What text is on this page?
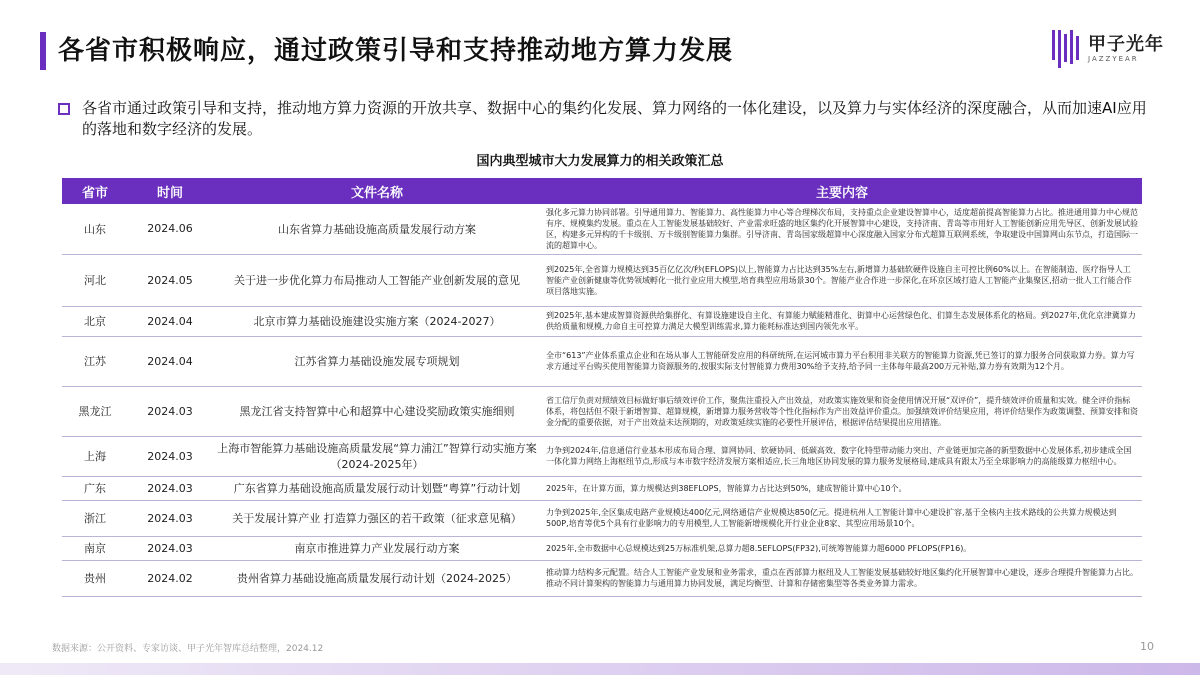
各省市积极响应，通过政策引导和支持推动地方算力发展	甲子光年
JAZZYEAR
各省市通过政策引导和支持，推动地方算力资源的开放共享、数据中心的集约化发展、算力网络的一体化建设，以及算力与实体经济的深度融合，从而加速AI应用的落地和数字经济的发展。
国内典型城市大力发展算力的相关政策汇总
省市	时间	文件名称	主要内容
山东	2024.06	山东省算力基础设施高质量发展行动方案	强化多元算力协同部署。引导通用算力、智能算力、高性能算力中心等合理梯次布局，支持重点企业建设智算中心，适度超前提高智能算力占比。推进通用算力中心规范有序、规模集约发展。重点在人工智能发展基础较好、产业需求旺盛的地区集约化开展智算中心建设，支持济南、青岛等市用好人工智能创新应用先导区、创新发展试验区，构建多元异构的千卡级别、万卡级别智能算力集群。引导济南、青岛国家级超算中心深度融入国家分布式超算互联网系统，争取建设中国算网山东节点，打造国际一流的超算中心。
河北	2024.05	关于进一步优化算力布局推动人工智能产业创新发展的意见	到2025年,全省算力规模达到35百亿亿次/秒(EFLOPS)以上,智能算力占比达到35%左右,新增算力基础软硬件设施自主可控比例60%以上。在智能制造、医疗指导人工智能产业创新健康等优势领域孵化一批行业应用大模型,培育典型应用场景30个。智能产业合作进一步深化,在环京区域打造人工智能产业集聚区,招动一批人工行能合作项目落地实施。
北京	2024.04	北京市算力基础设施建设实施方案（2024-2027）	到2025年,基本建成智算资源供给集群化、有算设施建设自主化、有算能力赋能精准化、街算中心运营绿色化、们算生态发展体系化的格局。到2027年,优化京津冀算力供给质量和规模,力命自主可控算力满足大模型训练需求,算力能耗标准达到国内领先水平。
江苏	2024.04	江苏省算力基础设施发展专项规划	全市“613”产业体系重点企业和在场从事人工智能研发应用的科研统所,在运河城市算力平台积用非关联方的智能算力资源,凭已签订的算力服务合同获取算力券。算力写求方通过平台购买使用智能算力资源服务的,按服实际支付智能算力费用30%给予支持,给予同一主体每年最高200万元补贴,算力券有效期为12个月。
黑龙江	2024.03	黑龙江省支持智算中心和超算中心建设奖励政策实施细则	省工信厅负责对照绩效目标做好事后绩效评价工作，聚焦注重投入产出效益，对政策实施效果和资金使用情况开展“双评价”，提升绩效评价质量和实效。健全评价指标体系，将包括但不限于新增智算、超算规模，新增算力服务营收等个性化指标作为产出效益评价重点。加强绩效评价结果应用，将评价结果作为政策调整、预算安排和资金分配的重要依据，对于产出效益未达预期的，对政策延续实施的必要性开展评估，根据评估结果提出应用措施。
上海	2024.03	上海市智能算力基础设施高质量发展“算力浦江”智算行动实施方案（2024-2025年）	力争到2024年,信息通信行业基本形成布局合理、算网协同、软硬协同、低碳高效、数字化特型带动能力突出、产业链更加完备的新型数据中心发展体系,初步建成全国一体化算力网络上海枢纽节点,形成与本市数字经济发展方案相适应,长三角地区协同发展的算力服务发展格局,建成具有跟太乃至全球影响力的高能级算力枢纽中心。
广东	2024.03	广东省算力基础设施高质量发展行动计划暨“粤算”行动计划	2025年，在计算方面，算力规模达到38EFLOPS，智能算力占比达到50%，建成智能计算中心10个。
浙江	2024.03	关于发展计算产业 打造算力强区的若干政策（征求意见稿）	力争到2025年,全区集成电路产业规模达400亿元,网络通信产业规模达850亿元。提进杭州人工智能计算中心建设扩容,基于全核内主技术路线的公共算力规模达到 500P,培育等优5个具有行业影响力的专用模型,人工智能新增规模化开行业企业8家、其型应用场景10个。
南京	2024.03	南京市推进算力产业发展行动方案	2025年,全市数据中心总规模达到25万标准机架,总算力超8.5EFLOPS(FP32),可统筹智能算力超6000 PFLOPS(FP16)。
贵州	2024.02	贵州省算力基础设施高质量发展行动计划（2024-2025）	推动算力结构多元配置。结合人工智能产业发展和业务需求，重点在西部算力枢纽及人工智能发展基础较好地区集约化开展智算中心建设，逐步合理提升智能算力占比。推动不同计算架构的智能算力与通用算力协同发展，满足均衡型、计算和存储密集型等各类业务算力需求。
数据来源：公开资料、专家访谈、甲子光年智库总结整理，2024.12	10
